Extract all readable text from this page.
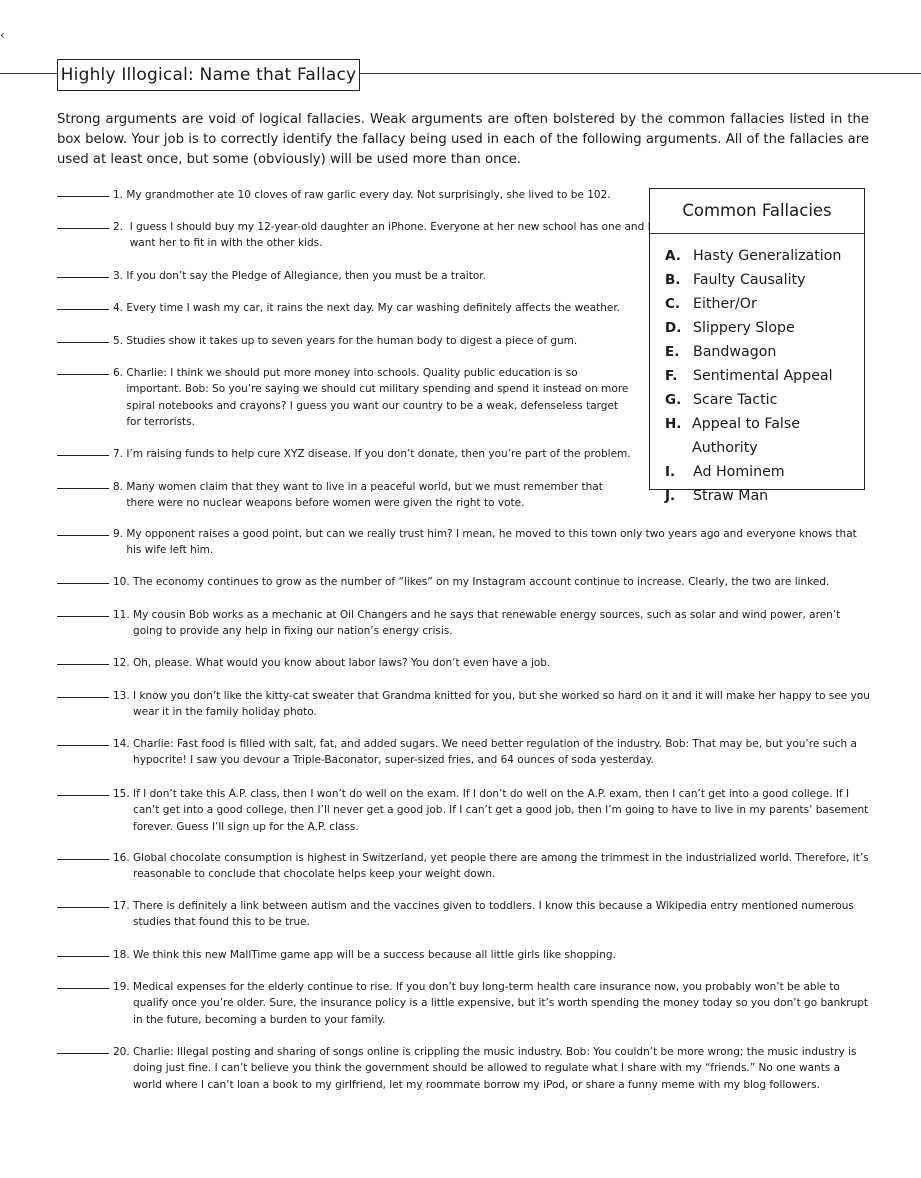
‹
Highly Illogical: Name that Fallacy
Strong arguments are void of logical fallacies. Weak arguments are often bolstered by the common fallacies listed in the box below. Your job is to correctly identify the fallacy being used in each of the following arguments. All of the fallacies are used at least once, but some (obviously) will be used more than once.
1. My grandmother ate 10 cloves of raw garlic every day. Not surprisingly, she lived to be 102.
2. I guess I should buy my 12-year-old daughter an iPhone. Everyone at her new school has one and I want her to fit in with the other kids.
3. If you don’t say the Pledge of Allegiance, then you must be a traitor.
4. Every time I wash my car, it rains the next day. My car washing definitely affects the weather.
5. Studies show it takes up to seven years for the human body to digest a piece of gum.
6. Charlie: I think we should put more money into schools. Quality public education is so important. Bob: So you’re saying we should cut military spending and spend it instead on more spiral notebooks and crayons? I guess you want our country to be a weak, defenseless target for terrorists.
7. I’m raising funds to help cure XYZ disease. If you don’t donate, then you’re part of the problem.
8. Many women claim that they want to live in a peaceful world, but we must remember that there were no nuclear weapons before women were given the right to vote.
9. My opponent raises a good point, but can we really trust him? I mean, he moved to this town only two years ago and everyone knows that his wife left him.
10. The economy continues to grow as the number of “likes” on my Instagram account continue to increase. Clearly, the two are linked.
11. My cousin Bob works as a mechanic at Oil Changers and he says that renewable energy sources, such as solar and wind power, aren’t going to provide any help in fixing our nation’s energy crisis.
12. Oh, please. What would you know about labor laws? You don’t even have a job.
13. I know you don’t like the kitty-cat sweater that Grandma knitted for you, but she worked so hard on it and it will make her happy to see you wear it in the family holiday photo.
14. Charlie: Fast food is filled with salt, fat, and added sugars. We need better regulation of the industry. Bob: That may be, but you’re such a hypocrite! I saw you devour a Triple-Baconator, super-sized fries, and 64 ounces of soda yesterday.
15. If I don’t take this A.P. class, then I won’t do well on the exam. If I don’t do well on the A.P. exam, then I can’t get into a good college. If I can’t get into a good college, then I’ll never get a good job. If I can’t get a good job, then I’m going to have to live in my parents’ basement forever. Guess I’ll sign up for the A.P. class.
16. Global chocolate consumption is highest in Switzerland, yet people there are among the trimmest in the industrialized world. Therefore, it’s reasonable to conclude that chocolate helps keep your weight down.
17. There is definitely a link between autism and the vaccines given to toddlers. I know this because a Wikipedia entry mentioned numerous studies that found this to be true.
18. We think this new MallTime game app will be a success because all little girls like shopping.
19. Medical expenses for the elderly continue to rise. If you don’t buy long-term health care insurance now, you probably won’t be able to qualify once you’re older. Sure, the insurance policy is a little expensive, but it’s worth spending the money today so you don’t go bankrupt in the future, becoming a burden to your family.
20. Charlie: Illegal posting and sharing of songs online is crippling the music industry. Bob: You couldn’t be more wrong; the music industry is doing just fine. I can’t believe you think the government should be allowed to regulate what I share with my “friends.” No one wants a world where I can’t loan a book to my girlfriend, let my roommate borrow my iPod, or share a funny meme with my blog followers.
Common Fallacies
A. Hasty Generalization
B. Faulty Causality
C. Either/Or
D. Slippery Slope
E. Bandwagon
F.	Sentimental Appeal
G. Scare Tactic
H. Appeal to False Authority
I.	Ad Hominem
J.	Straw Man
